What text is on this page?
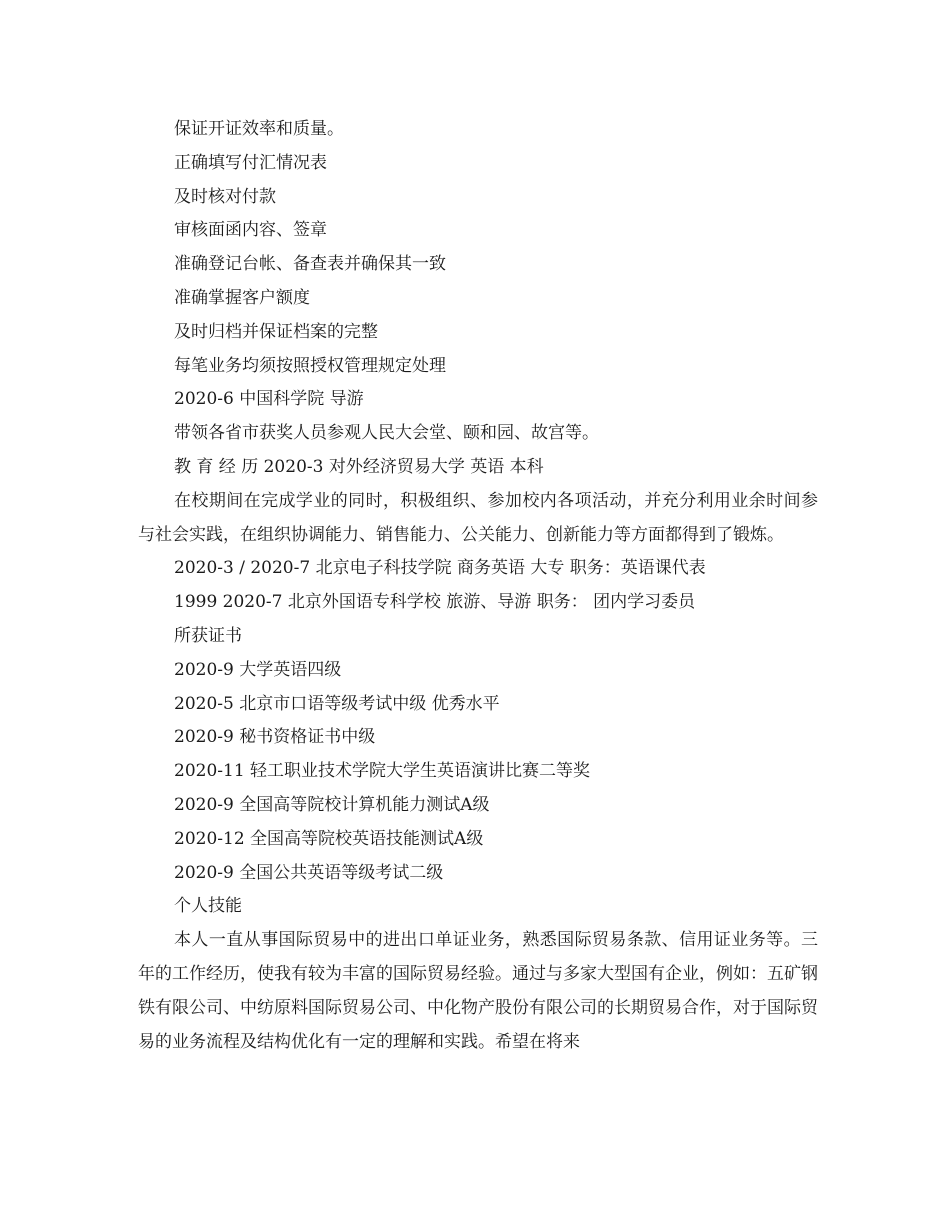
保证开证效率和质量。

正确填写付汇情况表

及时核对付款

审核面函内容、签章

准确登记台帐、备查表并确保其一致

准确掌握客户额度

及时归档并保证档案的完整

每笔业务均须按照授权管理规定处理

2020-6 中国科学院 导游

带领各省市获奖人员参观人民大会堂、颐和园、故宫等。

教 育 经 历 2020-3 对外经济贸易大学 英语 本科

在校期间在完成学业的同时，积极组织、参加校内各项活动，并充分利用业余时间参与社会实践，在组织协调能力、销售能力、公关能力、创新能力等方面都得到了锻炼。

2020-3 / 2020-7 北京电子科技学院 商务英语 大专 职务：英语课代表

1999 2020-7 北京外国语专科学校 旅游、导游 职务： 团内学习委员

所获证书

2020-9 大学英语四级

2020-5 北京市口语等级考试中级 优秀水平

2020-9 秘书资格证书中级

2020-11 轻工职业技术学院大学生英语演讲比赛二等奖

2020-9 全国高等院校计算机能力测试A级

2020-12 全国高等院校英语技能测试A级

2020-9 全国公共英语等级考试二级

个人技能

本人一直从事国际贸易中的进出口单证业务，熟悉国际贸易条款、信用证业务等。三年的工作经历，使我有较为丰富的国际贸易经验。通过与多家大型国有企业，例如：五矿钢铁有限公司、中纺原料国际贸易公司、中化物产股份有限公司的长期贸易合作，对于国际贸易的业务流程及结构优化有一定的理解和实践。希望在将来
